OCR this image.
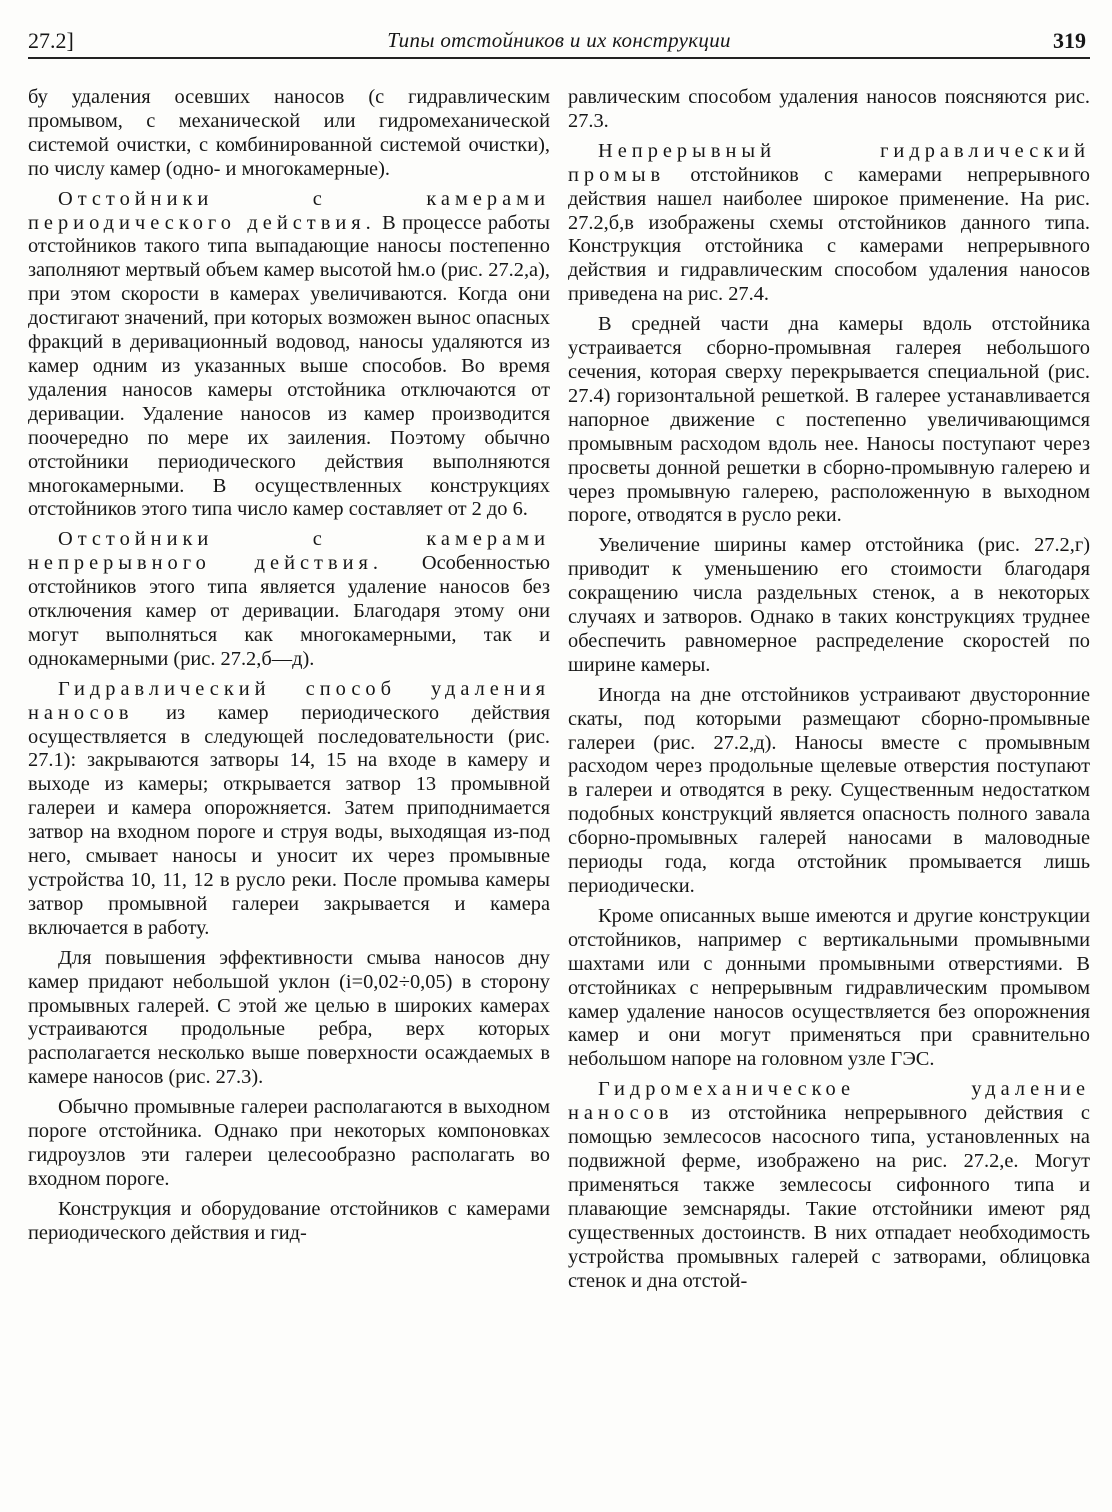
27.2]	Типы отстойников и их конструкции	319

бу удаления осевших наносов (с гидравлическим промывом, с механической или гидромеханической системой очистки, с комбинированной системой очистки), по числу камер (одно- и многокамерные).

Отстойники с камерами периодического действия. В процессе работы отстойников такого типа выпадающие наносы постепенно заполняют мертвый объем камер высотой hм.о (рис. 27.2,а), при этом скорости в камерах увеличиваются. Когда они достигают значений, при которых возможен вынос опасных фракций в деривационный водовод, наносы удаляются из камер одним из указанных выше способов. Во время удаления наносов камеры отстойника отключаются от деривации. Удаление наносов из камер производится поочередно по мере их заиления. Поэтому обычно отстойники периодического действия выполняются многокамерными. В осуществленных конструкциях отстойников этого типа число камер составляет от 2 до 6.

Отстойники с камерами непрерывного действия. Особенностью отстойников этого типа является удаление наносов без отключения камер от деривации. Благодаря этому они могут выполняться как многокамерными, так и однокамерными (рис. 27.2,б—д).

Гидравлический способ удаления наносов из камер периодического действия осуществляется в следующей последовательности (рис. 27.1): закрываются затворы 14, 15 на входе в камеру и выходе из камеры; открывается затвор 13 промывной галереи и камера опорожняется. Затем приподнимается затвор на входном пороге и струя воды, выходящая из-под него, смывает наносы и уносит их через промывные устройства 10, 11, 12 в русло реки. После промыва камеры затвор промывной галереи закрывается и камера включается в работу.

Для повышения эффективности смыва наносов дну камер придают небольшой уклон (i=0,02÷0,05) в сторону промывных галерей. С этой же целью в широких камерах устраиваются продольные ребра, верх которых располагается несколько выше поверхности осаждаемых в камере наносов (рис. 27.3).

Обычно промывные галереи располагаются в выходном пороге отстойника. Однако при некоторых компоновках гидроузлов эти галереи целесообразно располагать во входном пороге.

Конструкция и оборудование отстойников с камерами периодического действия и гид-

равлическим способом удаления наносов поясняются рис. 27.3.

Непрерывный гидравлический промыв отстойников с камерами непрерывного действия нашел наиболее широкое применение. На рис. 27.2,б,в изображены схемы отстойников данного типа. Конструкция отстойника с камерами непрерывного действия и гидравлическим способом удаления наносов приведена на рис. 27.4.

В средней части дна камеры вдоль отстойника устраивается сборно-промывная галерея небольшого сечения, которая сверху перекрывается специальной (рис. 27.4) горизонтальной решеткой. В галерее устанавливается напорное движение с постепенно увеличивающимся промывным расходом вдоль нее. Наносы поступают через просветы донной решетки в сборно-промывную галерею и через промывную галерею, расположенную в выходном пороге, отводятся в русло реки.

Увеличение ширины камер отстойника (рис. 27.2,г) приводит к уменьшению его стоимости благодаря сокращению числа раздельных стенок, а в некоторых случаях и затворов. Однако в таких конструкциях труднее обеспечить равномерное распределение скоростей по ширине камеры.

Иногда на дне отстойников устраивают двусторонние скаты, под которыми размещают сборно-промывные галереи (рис. 27.2,д). Наносы вместе с промывным расходом через продольные щелевые отверстия поступают в галереи и отводятся в реку. Существенным недостатком подобных конструкций является опасность полного завала сборно-промывных галерей наносами в маловодные периоды года, когда отстойник промывается лишь периодически.

Кроме описанных выше имеются и другие конструкции отстойников, например с вертикальными промывными шахтами или с донными промывными отверстиями. В отстойниках с непрерывным гидравлическим промывом камер удаление наносов осуществляется без опорожнения камер и они могут применяться при сравнительно небольшом напоре на головном узле ГЭС.

Гидромеханическое удаление наносов из отстойника непрерывного действия с помощью землесосов насосного типа, установленных на подвижной ферме, изображено на рис. 27.2,е. Могут применяться также землесосы сифонного типа и плавающие земснаряды. Такие отстойники имеют ряд существенных достоинств. В них отпадает необходимость устройства промывных галерей с затворами, облицовка стенок и дна отстой-
